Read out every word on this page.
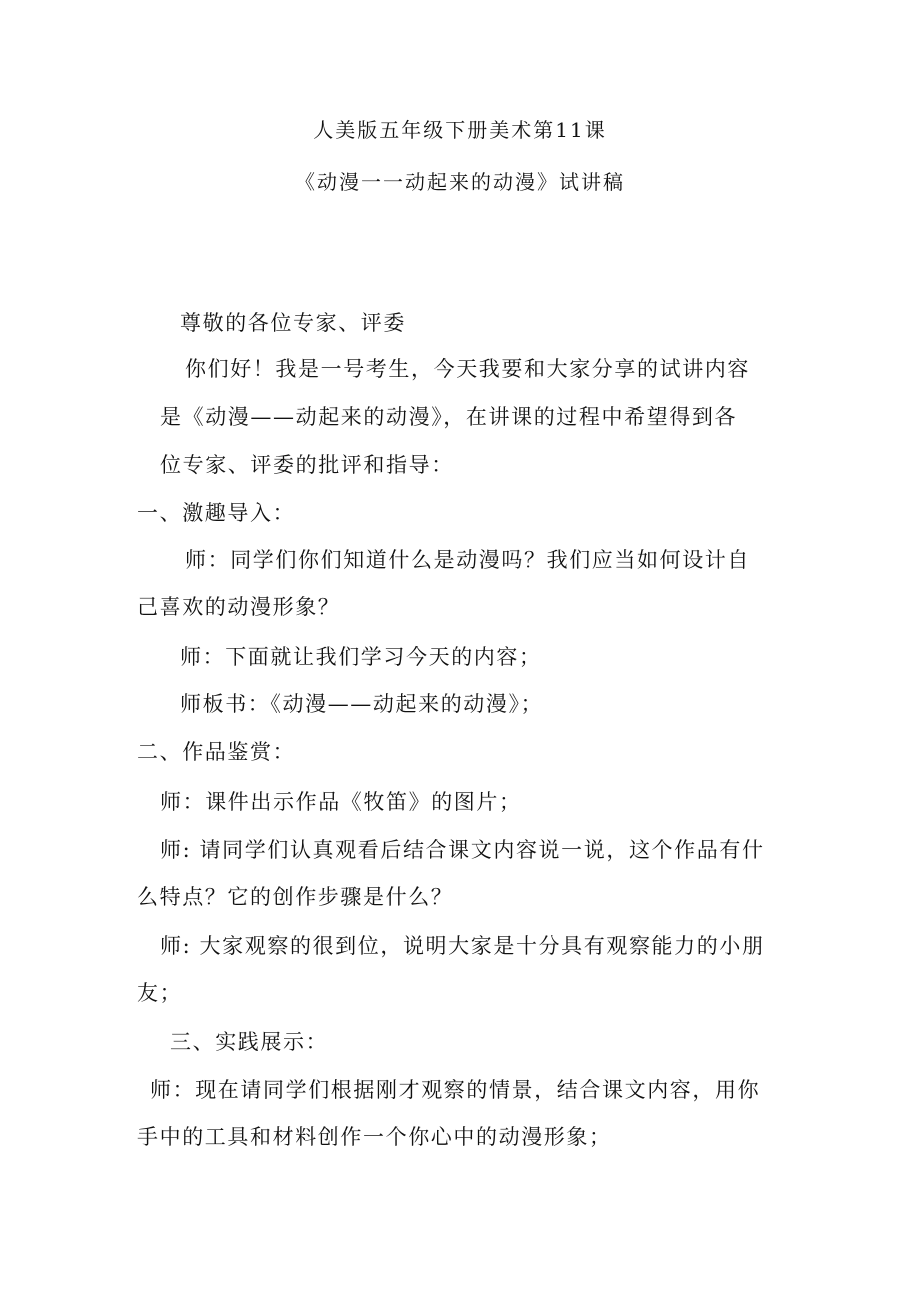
人美版五年级下册美术第11课
《动漫一一动起来的动漫》试讲稿
尊敬的各位专家、评委
你们好！我是一号考生，今天我要和大家分享的试讲内容
是《动漫——动起来的动漫》，在讲课的过程中希望得到各
位专家、评委的批评和指导：
一、激趣导入：
师：同学们你们知道什么是动漫吗？我们应当如何设计自
己喜欢的动漫形象？
师：下面就让我们学习今天的内容；
师板书：《动漫——动起来的动漫》；
二、作品鉴赏：
师：课件出示作品《牧笛》的图片；
师: 请同学们认真观看后结合课文内容说一说，这个作品有什
么特点？它的创作步骤是什么？
师: 大家观察的很到位，说明大家是十分具有观察能力的小朋
友；
三、实践展示：
师：现在请同学们根据刚才观察的情景，结合课文内容，用你
手中的工具和材料创作一个你心中的动漫形象；
